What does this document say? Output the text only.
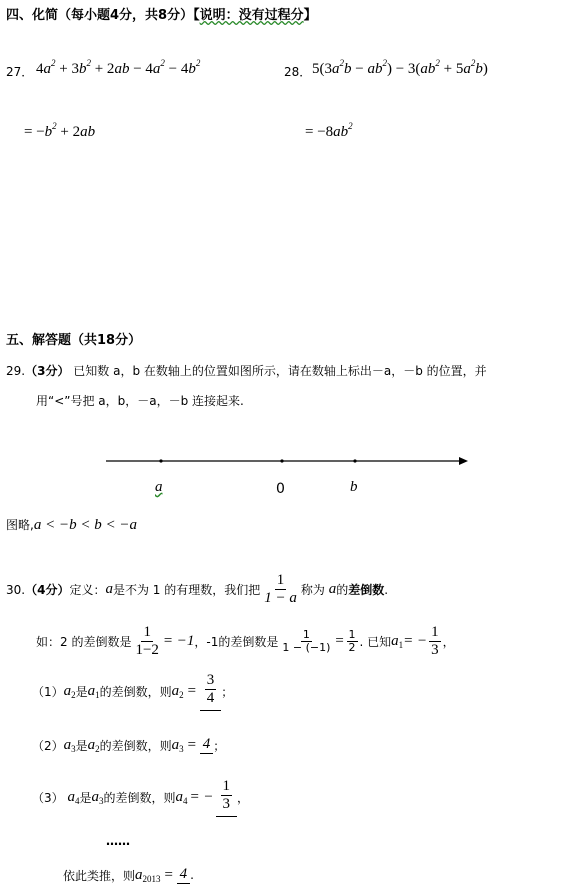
四、化简（每小题4分，共8分）【说明：没有过程分】
27． $4a^2 + 3b^2 + 2ab - 4a^2 - 4b^2$
= $-b^2 + 2ab$
28． $5(3a^2b - ab^2) - 3(ab^2 + 5a^2b)$
= $-8ab^2$
五、解答题（共18分）
29.（3分） 已知数 a，b 在数轴上的位置如图所示，请在数轴上标出－a，－b 的位置，并
用“<”号把 a，b，－a，－b 连接起来.
a	0	b
图略,a < −b < b < −a
30. （4分） 定义： a 是不为 1 的有理数，我们把 $\frac{1}{1 - a}$ 称为
a 的 差倒数 .
如：2 的差倒数是 $\frac{1}{1-2} = -1$ ，-1的差倒数是 $\frac{1}{1 - (-1)} = \frac{1}{2}$ . 已知 $a_1$ = − $\frac{1}{3}$ ，
（1） $a_2$ 是 $a_1$ 的差倒数，则 $a_2 = \frac{3}{4}$ ；
（2） $a_3$ 是 $a_2$ 的差倒数，则 $a_3 = 4$ ；
（3）
$a_4$ 是 $a_3$ 的差倒数，则 $a_4$ = − $\frac{1}{3}$ ，
……
依此类推，则 $a_{2013} = 4$ .
